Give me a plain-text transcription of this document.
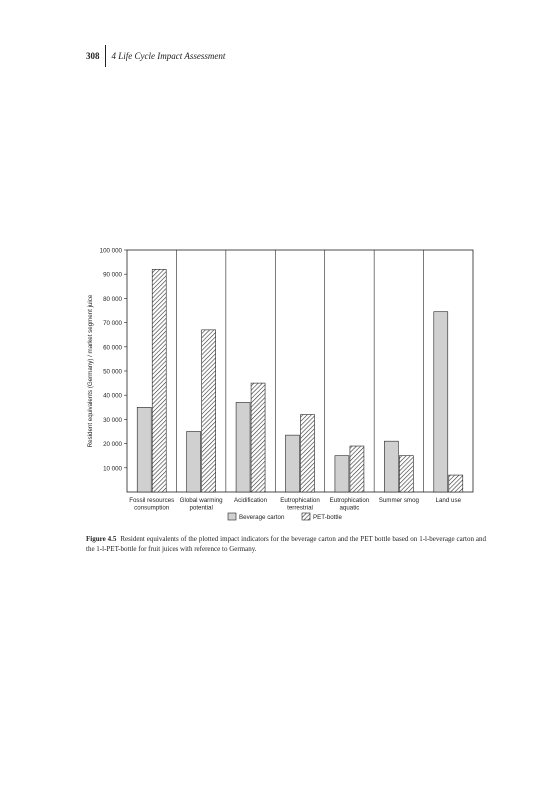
308 4 Life Cycle Impact Assessment
10 000
20 000
30 000
40 000
50 000
60 000
70 000
80 000
90 000
100 000
Resident equivalents (Germany) / market segment juice
Fossil resources consumption
Global warming potential
Acidification Eutrophication terrestrial
Eutrophication aquatic
Summer smog	Land use
Beverage carton	PET-bottle
Figure 4.5 Resident equivalents of the plotted impact indicators for the beverage carton and the PET bottle based on 1-l-beverage carton and the 1-l-PET-bottle for fruit juices with reference to Germany.
